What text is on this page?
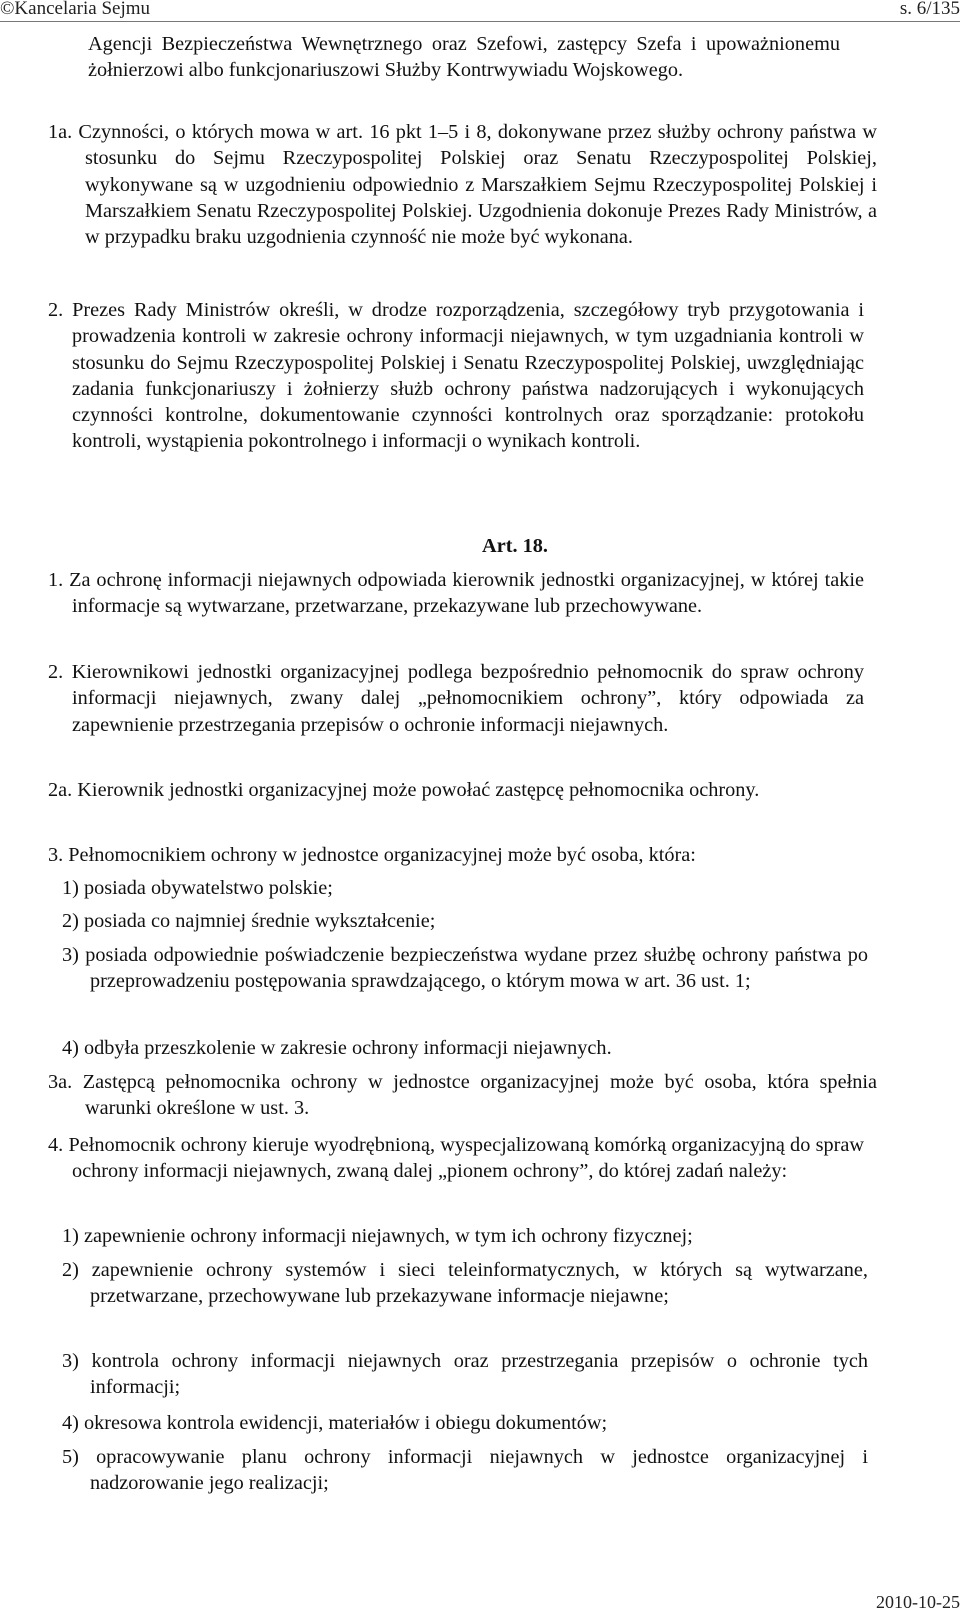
©Kancelaria Sejmu	s. 6/135
Agencji Bezpieczeństwa Wewnętrznego oraz Szefowi, zastępcy Szefa i upoważnionemu żołnierzowi albo funkcjonariuszowi Służby Kontrwywiadu Wojskowego.
1a. Czynności, o których mowa w art. 16 pkt 1–5 i 8, dokonywane przez służby ochrony państwa w stosunku do Sejmu Rzeczypospolitej Polskiej oraz Senatu Rzeczypospolitej Polskiej, wykonywane są w uzgodnieniu odpowiednio z Marszałkiem Sejmu Rzeczypospolitej Polskiej i Marszałkiem Senatu Rzeczypospolitej Polskiej. Uzgodnienia dokonuje Prezes Rady Ministrów, a w przypadku braku uzgodnienia czynność nie może być wykonana.
2. Prezes Rady Ministrów określi, w drodze rozporządzenia, szczegółowy tryb przygotowania i prowadzenia kontroli w zakresie ochrony informacji niejawnych, w tym uzgadniania kontroli w stosunku do Sejmu Rzeczypospolitej Polskiej i Senatu Rzeczypospolitej Polskiej, uwzględniając zadania funkcjonariuszy i żołnierzy służb ochrony państwa nadzorujących i wykonujących czynności kontrolne, dokumentowanie czynności kontrolnych oraz sporządzanie: protokołu kontroli, wystąpienia pokontrolnego i informacji o wynikach kontroli.
Art. 18.
1. Za ochronę informacji niejawnych odpowiada kierownik jednostki organizacyjnej, w której takie informacje są wytwarzane, przetwarzane, przekazywane lub przechowywane.
2. Kierownikowi jednostki organizacyjnej podlega bezpośrednio pełnomocnik do spraw ochrony informacji niejawnych, zwany dalej „pełnomocnikiem ochrony”, który odpowiada za zapewnienie przestrzegania przepisów o ochronie informacji niejawnych.
2a. Kierownik jednostki organizacyjnej może powołać zastępcę pełnomocnika ochrony.
3. Pełnomocnikiem ochrony w jednostce organizacyjnej może być osoba, która:
1) posiada obywatelstwo polskie;
2) posiada co najmniej średnie wykształcenie;
3) posiada odpowiednie poświadczenie bezpieczeństwa wydane przez służbę ochrony państwa po przeprowadzeniu postępowania sprawdzającego, o którym mowa w art. 36 ust. 1;
4) odbyła przeszkolenie w zakresie ochrony informacji niejawnych.
3a. Zastępcą pełnomocnika ochrony w jednostce organizacyjnej może być osoba, która spełnia warunki określone w ust. 3.
4. Pełnomocnik ochrony kieruje wyodrębnioną, wyspecjalizowaną komórką organizacyjną do spraw ochrony informacji niejawnych, zwaną dalej „pionem ochrony”, do której zadań należy:
1) zapewnienie ochrony informacji niejawnych, w tym ich ochrony fizycznej;
2) zapewnienie ochrony systemów i sieci teleinformatycznych, w których są wytwarzane, przetwarzane, przechowywane lub przekazywane informacje niejawne;
3) kontrola ochrony informacji niejawnych oraz przestrzegania przepisów o ochronie tych informacji;
4) okresowa kontrola ewidencji, materiałów i obiegu dokumentów;
5) opracowywanie planu ochrony informacji niejawnych w jednostce organizacyjnej i nadzorowanie jego realizacji;
2010-10-25
